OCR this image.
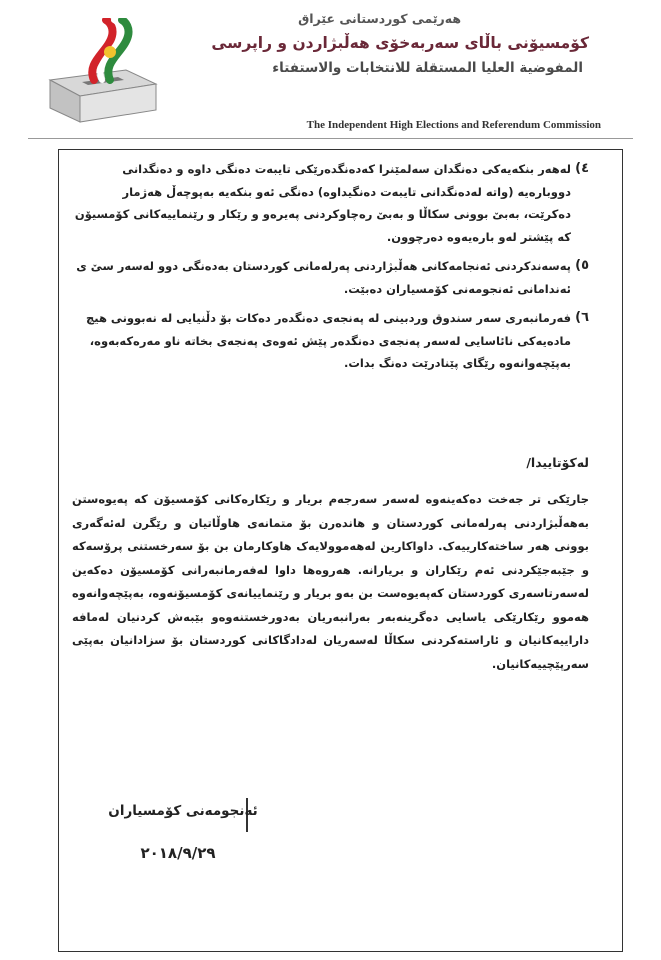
هەرێمی کوردستانی عێراق
کۆمسیۆنی باڵای سەربەخۆی هەڵبژاردن و راپرسی
المفوضية العليا المستقلة للانتخابات والاستفتاء
The Independent High Elections and Referendum Commission
٤)
لەهەر بنکەیەکی دەنگدان سەلمێنرا کەدەنگدەرێکی تایبەت دەنگی داوە و دەنگدانی دووبارەیە (واتە لەدەنگدانی تایبەت دەنگیداوە) دەنگی ئەو بنکەیە بەپوچەڵ هەژمار دەکرێت، بەبێ بوونی سکاڵا و بەبێ رەچاوکردنی پەیرەو و رێکار و رێنماییەکانی کۆمسیۆن کە پێشتر لەو بارەیەوە دەرچوون.
٥)
پەسەندکردنی ئەنجامەکانی هەڵبژاردنی پەرلەمانی کوردستان بەدەنگی دوو لەسەر سێ ی ئەندامانی ئەنجومەنی کۆمسیاران دەبێت.
٦)
فەرمانبەری سەر سندوق وردبینی لە پەنجەی دەنگدەر دەکات بۆ دڵنیایی لە نەبوونی هیچ مادەیەکی نائاسایی لەسەر پەنجەی دەنگدەر پێش ئەوەی پەنجەی بخاتە ناو مەرەکەبەوە، بەپێچەوانەوە رێگای پێنادرێت دەنگ بدات.
لەکۆتاییدا/
جارێکی تر جەخت دەکەینەوە لەسەر سەرجەم بریار و رێکارەکانی کۆمسیۆن کە پەیوەستن بەهەڵبژاردنی پەرلەمانی کوردستان و هاندەرن بۆ متمانەی هاوڵاتیان و رێگرن لەئەگەری بوونی هەر ساختەکارییەک. داواکارین لەهەموولایەک هاوکارمان بن بۆ سەرخستنی پرۆسەکە و جێبەجێکردنی ئەم رێکاران و بریارانە. هەروەها داوا لەفەرمانبەرانی کۆمسیۆن دەکەین لەسەرتاسەری کوردستان کەپەیوەست بن بەو بریار و رێنماییانەی کۆمسیۆنەوە، بەپێچەوانەوە هەموو رێکارێکی یاسایی دەگرینەبەر بەرانبەریان بەدورخستنەوەو بێبەش کردنیان لەمافە داراییەکانیان و ئاراستەکردنی سکاڵا لەسەریان لەدادگاکانی کوردستان بۆ سزادانیان بەپێی سەرپێچییەکانیان.
ئەنجومەنی کۆمسیاران
٢٠١٨/٩/٢٩
